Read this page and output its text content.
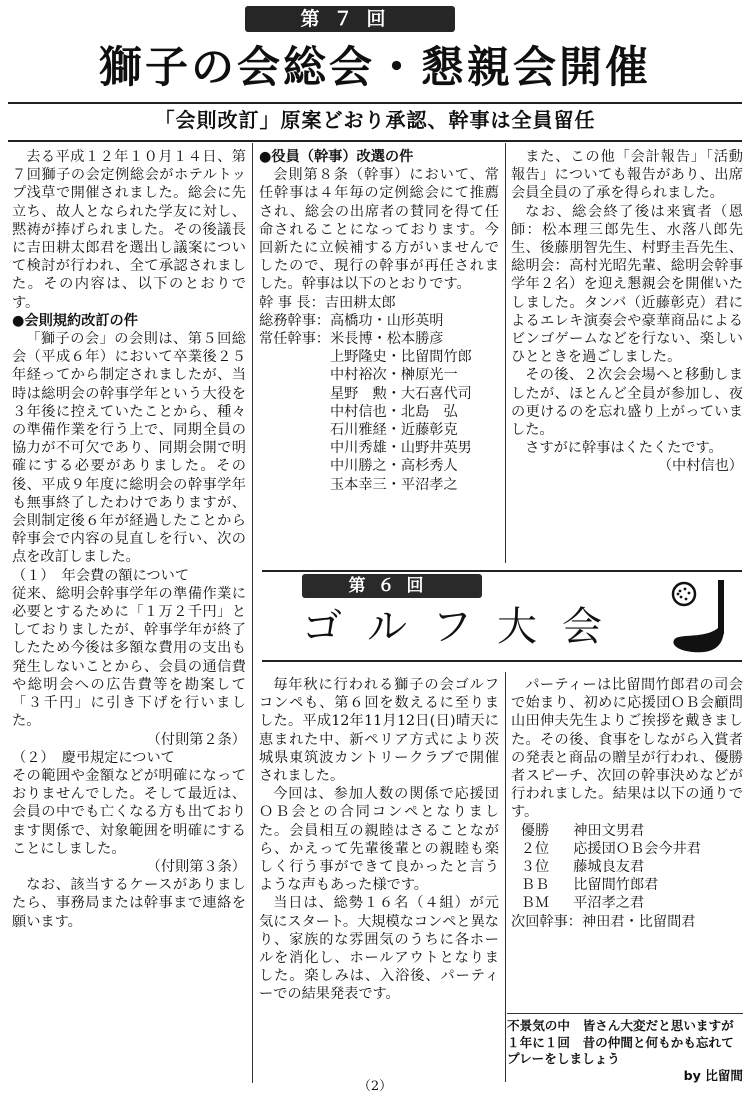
第７回
獅子の会総会・懇親会開催
「会則改訂」原案どおり承認、幹事は全員留任

去る平成１２年１０月１４日、第７回獅子の会定例総会がホテルトップ浅草で開催されました。総会に先立ち、故人となられた学友に対し、黙祷が捧げられました。その後議長に吉田耕太郎君を選出し議案について検討が行われ、全て承認されました。その内容は、以下のとおりです。

●会則規約改訂の件

「獅子の会」の会則は、第５回総会（平成６年）において卒業後２５年経ってから制定されましたが、当時は総明会の幹事学年という大役を３年後に控えていたことから、種々の準備作業を行う上で、同期全員の協力が不可欠であり、同期会開で明確にする必要がありました。その後、平成９年度に総明会の幹事学年も無事終了したわけでありますが、会則制定後６年が経過したことから幹事会で内容の見直しを行い、次の点を改訂しました。

（１）　年会費の額について

従来、総明会幹事学年の準備作業に必要とするために「１万２千円」としておりましたが、幹事学年が終了したため今後は多額な費用の支出も発生しないことから、会員の通信費や総明会への広告費等を勘案して「３千円」に引き下げを行いました。

（付則第２条）

（２）　慶弔規定について

その範囲や金額などが明確になっておりませんでした。そして最近は、会員の中でも亡くなる方も出ております関係で、対象範囲を明確にすることにしました。

（付則第３条）

なお、該当するケースがありましたら、事務局または幹事まで連絡を願います。

●役員（幹事）改選の件

会則第８条（幹事）において、常任幹事は４年毎の定例総会にて推薦され、総会の出席者の賛同を得て任命されることになっております。今回新たに立候補する方がいませんでしたので、現行の幹事が再任されました。幹事は以下のとおりです。

幹 事 長：吉田耕太郎
総務幹事：高橋功・山形英明
常任幹事：米長博・松本勝彦
　　　　　上野隆史・比留間竹郎
　　　　　中村裕次・榊原光一
　　　　　星野　勲・大石喜代司
　　　　　中村信也・北島　弘
　　　　　石川雅経・近藤彰克
　　　　　中川秀雄・山野井英男
　　　　　中川勝之・高杉秀人
　　　　　玉本幸三・平沼孝之

また、この他「会計報告」「活動報告」についても報告があり、出席会員全員の了承を得られました。

なお、総会終了後は来賓者（恩師：松本理三郎先生、水落八郎先生、後藤朋智先生、村野圭吾先生、総明会：高村光昭先輩、総明会幹事学年２名）を迎え懇親会を開催いたしました。タンバ（近藤彰克）君によるエレキ演奏会や豪華商品によるビンゴゲームなどを行ない、楽しいひとときを過ごしました。

その後、２次会会場へと移動しましたが、ほとんど全員が参加し、夜の更けるのを忘れ盛り上がっていました。

さすがに幹事はくたくたです。

（中村信也）

第６回
ゴルフ大会

毎年秋に行われる獅子の会ゴルフコンペも、第６回を数えるに至りました。平成12年11月12日(日)晴天に恵まれた中、新ペリア方式により茨城県東筑波カントリークラブで開催されました。

今回は、参加人数の関係で応援団ＯＢ会との合同コンペとなりました。会員相互の親睦はさることながら、かえって先輩後輩との親睦も楽しく行う事ができて良かったと言うような声もあった様です。

当日は、総勢１６名（４組）が元気にスタート。大規模なコンペと異なり、家族的な雰囲気のうちに各ホールを消化し、ホールアウトとなりました。楽しみは、入浴後、パーティーでの結果発表です。

パーティーは比留間竹郎君の司会で始まり、初めに応援団ＯＢ会顧問山田伸夫先生よりご挨拶を戴きました。その後、食事をしながら入賞者の発表と商品の贈呈が行われ、優勝者スピーチ、次回の幹事決めなどが行われました。結果は以下の通りです。

優勝　 神田文男君
２位　 応援団ＯＢ会今井君
３位　 藤城良友君
ＢＢ　 比留間竹郎君
ＢＭ　 平沼孝之君
次回幹事：神田君・比留間君
不景気の中　皆さん大変だと思いますが　１年に１回　昔の仲間と何もかも忘れて　プレーをしましょう
by 比留間
（2）
